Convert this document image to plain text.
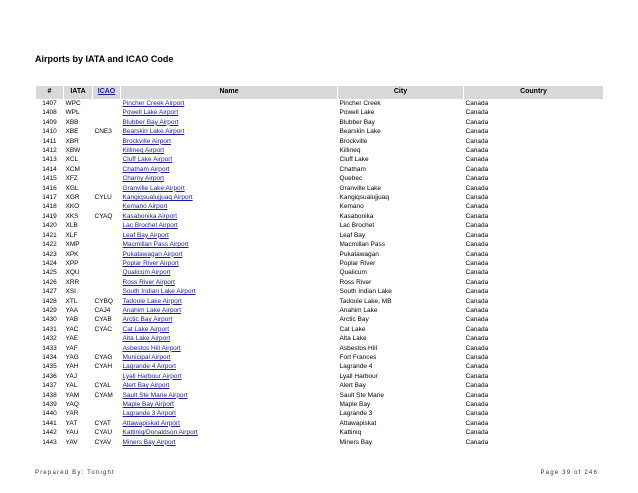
Airports by IATA and ICAO Code
#	IATA	ICAO	Name	City	Country
1407	WPC		Pincher Creek Airport	Pincher Creek	Canada
1408	WPL		Powell Lake Airport	Powell Lake	Canada
1409	XBB		Blubber Bay Airport	Blubber Bay	Canada
1410	XBE	CNE3	Bearskin Lake Airport	Bearskin Lake	Canada
1411	XBR		Brockville Airport	Brockville	Canada
1412	XBW		Killineq Airport	Killineq	Canada
1413	XCL		Cluff Lake Airport	Cluff Lake	Canada
1414	XCM		Chatham Airport	Chatham	Canada
1415	XFZ		Charny Airport	Quebec	Canada
1416	XGL		Granville Lake Airport	Granville Lake	Canada
1417	XGR	CYLU	Kangiqsualujjuaq Airport	Kangiqsualujjuaq	Canada
1418	XKO		Kemano Airport	Kemano	Canada
1419	XKS	CYAQ	Kasabonika Airport	Kasabonika	Canada
1420	XLB		Lac Brochet Airport	Lac Brochet	Canada
1421	XLF		Leaf Bay Airport	Leaf Bay	Canada
1422	XMP		Macmillan Pass Airport	Macmillan Pass	Canada
1423	XPK		Pukatawagan Airport	Pukatawagan	Canada
1424	XPP		Poplar River Airport	Poplar River	Canada
1425	XQU		Qualicum Airport	Qualicum	Canada
1426	XRR		Ross River Airport	Ross River	Canada
1427	XSI		South Indian Lake Airport	South Indian Lake	Canada
1428	XTL	CYBQ	Tadoule Lake Airport	Tadoule Lake, MB	Canada
1429	YAA	CAJ4	Anahim Lake Airport	Anahim Lake	Canada
1430	YAB	CYAB	Arctic Bay Airport	Arctic Bay	Canada
1431	YAC	CYAC	Cat Lake Airport	Cat Lake	Canada
1432	YAE		Alta Lake Airport	Alta Lake	Canada
1433	YAF		Asbestos Hill Airport	Asbestos Hill	Canada
1434	YAG	CYAG	Municipal Airport	Fort Frances	Canada
1435	YAH	CYAH	Lagrande 4 Airport	Lagrande 4	Canada
1436	YAJ		Lyall Harbour Airport	Lyall Harbour	Canada
1437	YAL	CYAL	Alert Bay Airport	Alert Bay	Canada
1438	YAM	CYAM	Sault Ste Marie Airport	Sault Ste Marie	Canada
1439	YAQ		Maple Bay Airport	Maple Bay	Canada
1440	YAR		Lagrande 3 Airport	Lagrande 3	Canada
1441	YAT	CYAT	Attawapiskat Airport	Attawapiskat	Canada
1442	YAU	CYAU	Kattiniq/Donaldson Airport	Kattiniq	Canada
1443	YAV	CYAV	Miners Bay Airport	Miners Bay	Canada
Prepared By: Tonight	Page 39 of 246
